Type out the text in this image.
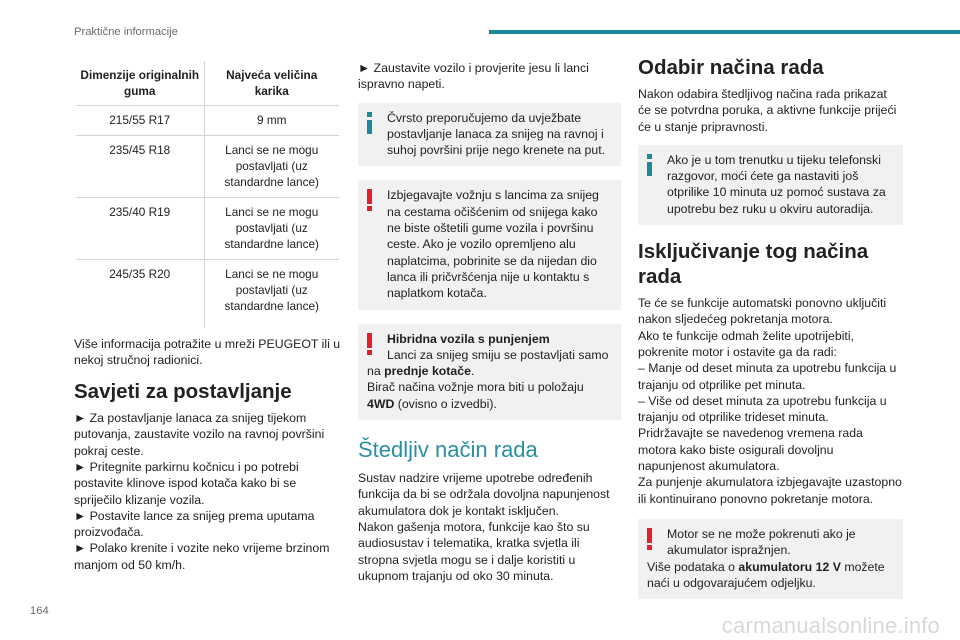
Praktične informacije
Dimenzije originalnih guma	Najveća veličina karika
215/55 R17	9 mm
235/45 R18	Lanci se ne mogu postavljati (uz standardne lance)
235/40 R19	Lanci se ne mogu postavljati (uz standardne lance)
245/35 R20	Lanci se ne mogu postavljati (uz standardne lance)

Više informacija potražite u mreži PEUGEOT ili u nekoj stručnoj radionici.

Savjeti za postavljanje

► Za postavljanje lanaca za snijeg tijekom putovanja, zaustavite vozilo na ravnoj površini pokraj ceste.

► Pritegnite parkirnu kočnicu i po potrebi postavite klinove ispod kotača kako bi se spriječilo klizanje vozila.

► Postavite lance za snijeg prema uputama proizvođača.

► Polako krenite i vozite neko vrijeme brzinom manjom od 50 km/h.

► Zaustavite vozilo i provjerite jesu li lanci ispravno napeti.

Čvrsto preporučujemo da uvježbate postavljanje lanaca za snijeg na ravnoj i suhoj površini prije nego krenete na put.

Izbjegavajte vožnju s lancima za snijeg na cestama očišćenim od snijega kako ne biste oštetili gume vozila i površinu ceste. Ako je vozilo opremljeno alu naplatcima, pobrinite se da nijedan dio lanca ili pričvršćenja nije u kontaktu s naplatkom kotača.

Hibridna vozila s punjenjem

Lanci za snijeg smiju se postavljati samo na prednje kotače.

Birač načina vožnje mora biti u položaju 4WD (ovisno o izvedbi).

Štedljiv način rada

Sustav nadzire vrijeme upotrebe određenih funkcija da bi se održala dovoljna napunjenost akumulatora dok je kontakt isključen.

Nakon gašenja motora, funkcije kao što su audiosustav i telematika, kratka svjetla ili stropna svjetla mogu se i dalje koristiti u ukupnom trajanju od oko 30 minuta.

Odabir načina rada

Nakon odabira štedljivog načina rada prikazat će se potvrdna poruka, a aktivne funkcije prijeći će u stanje pripravnosti.

Ako je u tom trenutku u tijeku telefonski razgovor, moći ćete ga nastaviti još otprilike 10 minuta uz pomoć sustava za upotrebu bez ruku u okviru autoradija.

Isključivanje tog načina rada

Te će se funkcije automatski ponovno uključiti nakon sljedećeg pokretanja motora.

Ako te funkcije odmah želite upotrijebiti, pokrenite motor i ostavite ga da radi:

– Manje od deset minuta za upotrebu funkcija u trajanju od otprilike pet minuta.

– Više od deset minuta za upotrebu funkcija u trajanju od otprilike trideset minuta.

Pridržavajte se navedenog vremena rada motora kako biste osigurali dovoljnu napunjenost akumulatora.

Za punjenje akumulatora izbjegavajte uzastopno ili kontinuirano ponovno pokretanje motora.

Motor se ne može pokrenuti ako je akumulator ispražnjen.

Više podataka o akumulatoru 12 V možete naći u odgovarajućem odjeljku.

164
carmanualsonline.info
